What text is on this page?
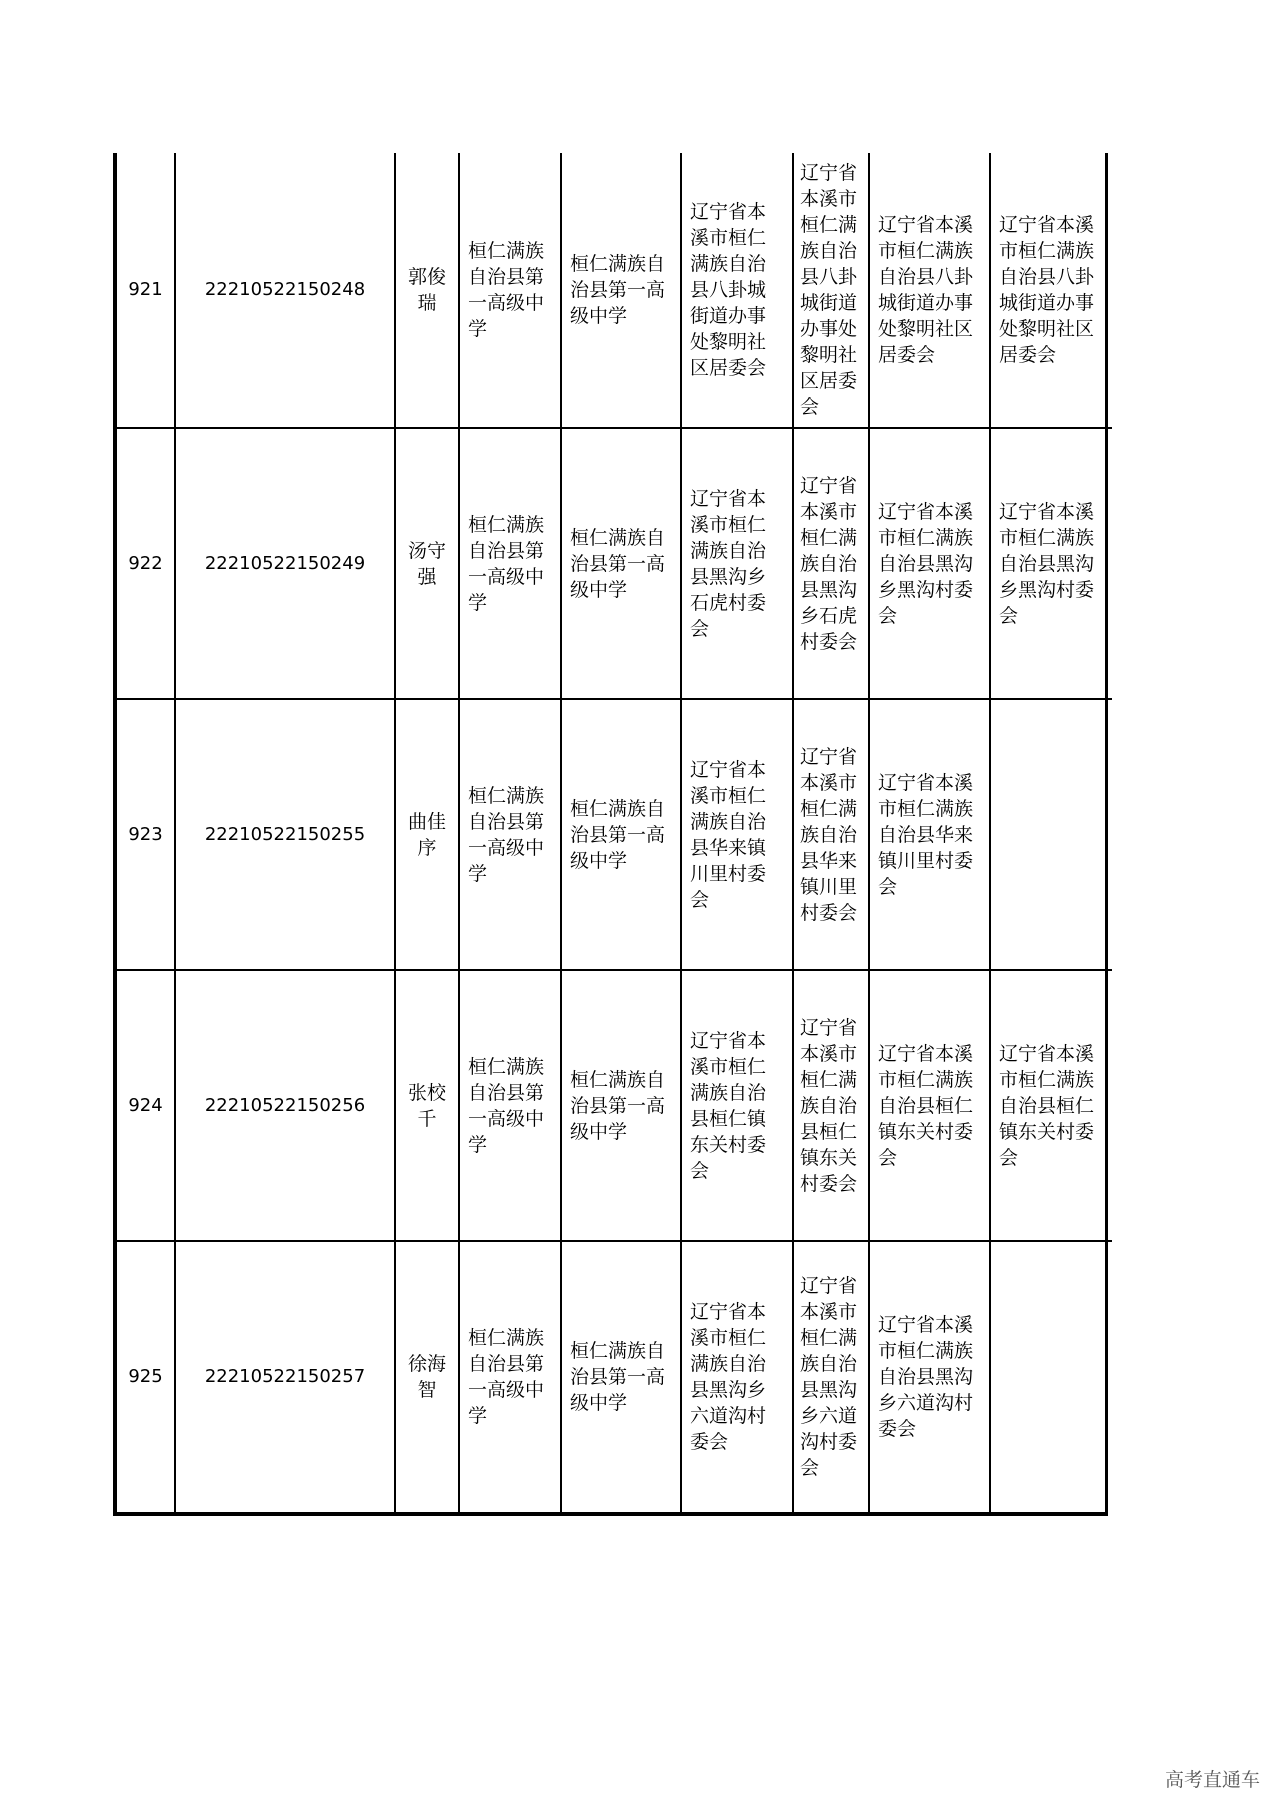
921	22210522150248	郭俊瑞	桓仁满族自治县第一高级中学	桓仁满族自治县第一高级中学	辽宁省本溪市桓仁满族自治县八卦城街道办事处黎明社区居委会	辽宁省本溪市桓仁满族自治县八卦城街道办事处黎明社区居委会	辽宁省本溪市桓仁满族自治县八卦城街道办事处黎明社区居委会	辽宁省本溪市桓仁满族自治县八卦城街道办事处黎明社区居委会
922	22210522150249	汤守强	桓仁满族自治县第一高级中学	桓仁满族自治县第一高级中学	辽宁省本溪市桓仁满族自治县黑沟乡石虎村委会	辽宁省本溪市桓仁满族自治县黑沟乡石虎村委会	辽宁省本溪市桓仁满族自治县黑沟乡黑沟村委会	辽宁省本溪市桓仁满族自治县黑沟乡黑沟村委会
923	22210522150255	曲佳序	桓仁满族自治县第一高级中学	桓仁满族自治县第一高级中学	辽宁省本溪市桓仁满族自治县华来镇川里村委会	辽宁省本溪市桓仁满族自治县华来镇川里村委会	辽宁省本溪市桓仁满族自治县华来镇川里村委会	
924	22210522150256	张校千	桓仁满族自治县第一高级中学	桓仁满族自治县第一高级中学	辽宁省本溪市桓仁满族自治县桓仁镇东关村委会	辽宁省本溪市桓仁满族自治县桓仁镇东关村委会	辽宁省本溪市桓仁满族自治县桓仁镇东关村委会	辽宁省本溪市桓仁满族自治县桓仁镇东关村委会
925	22210522150257	徐海智	桓仁满族自治县第一高级中学	桓仁满族自治县第一高级中学	辽宁省本溪市桓仁满族自治县黑沟乡六道沟村委会	辽宁省本溪市桓仁满族自治县黑沟乡六道沟村委会	辽宁省本溪市桓仁满族自治县黑沟乡六道沟村委会	
高考直通车
